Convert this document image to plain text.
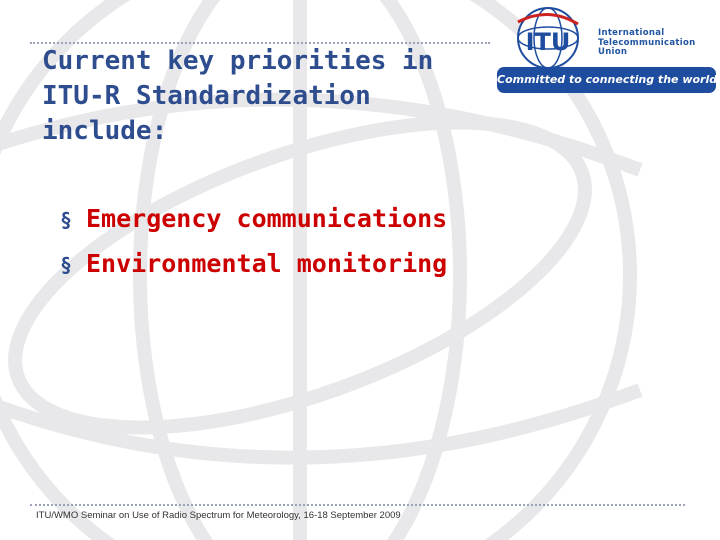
Current key priorities in
ITU-R Standardization
include:
ITU	International
Telecommunication
Union
Committed to connecting the world
§ Emergency communications
§ Environmental monitoring
ITU/WMO Seminar on Use of Radio Spectrum for Meteorology, 16-18 September 2009
